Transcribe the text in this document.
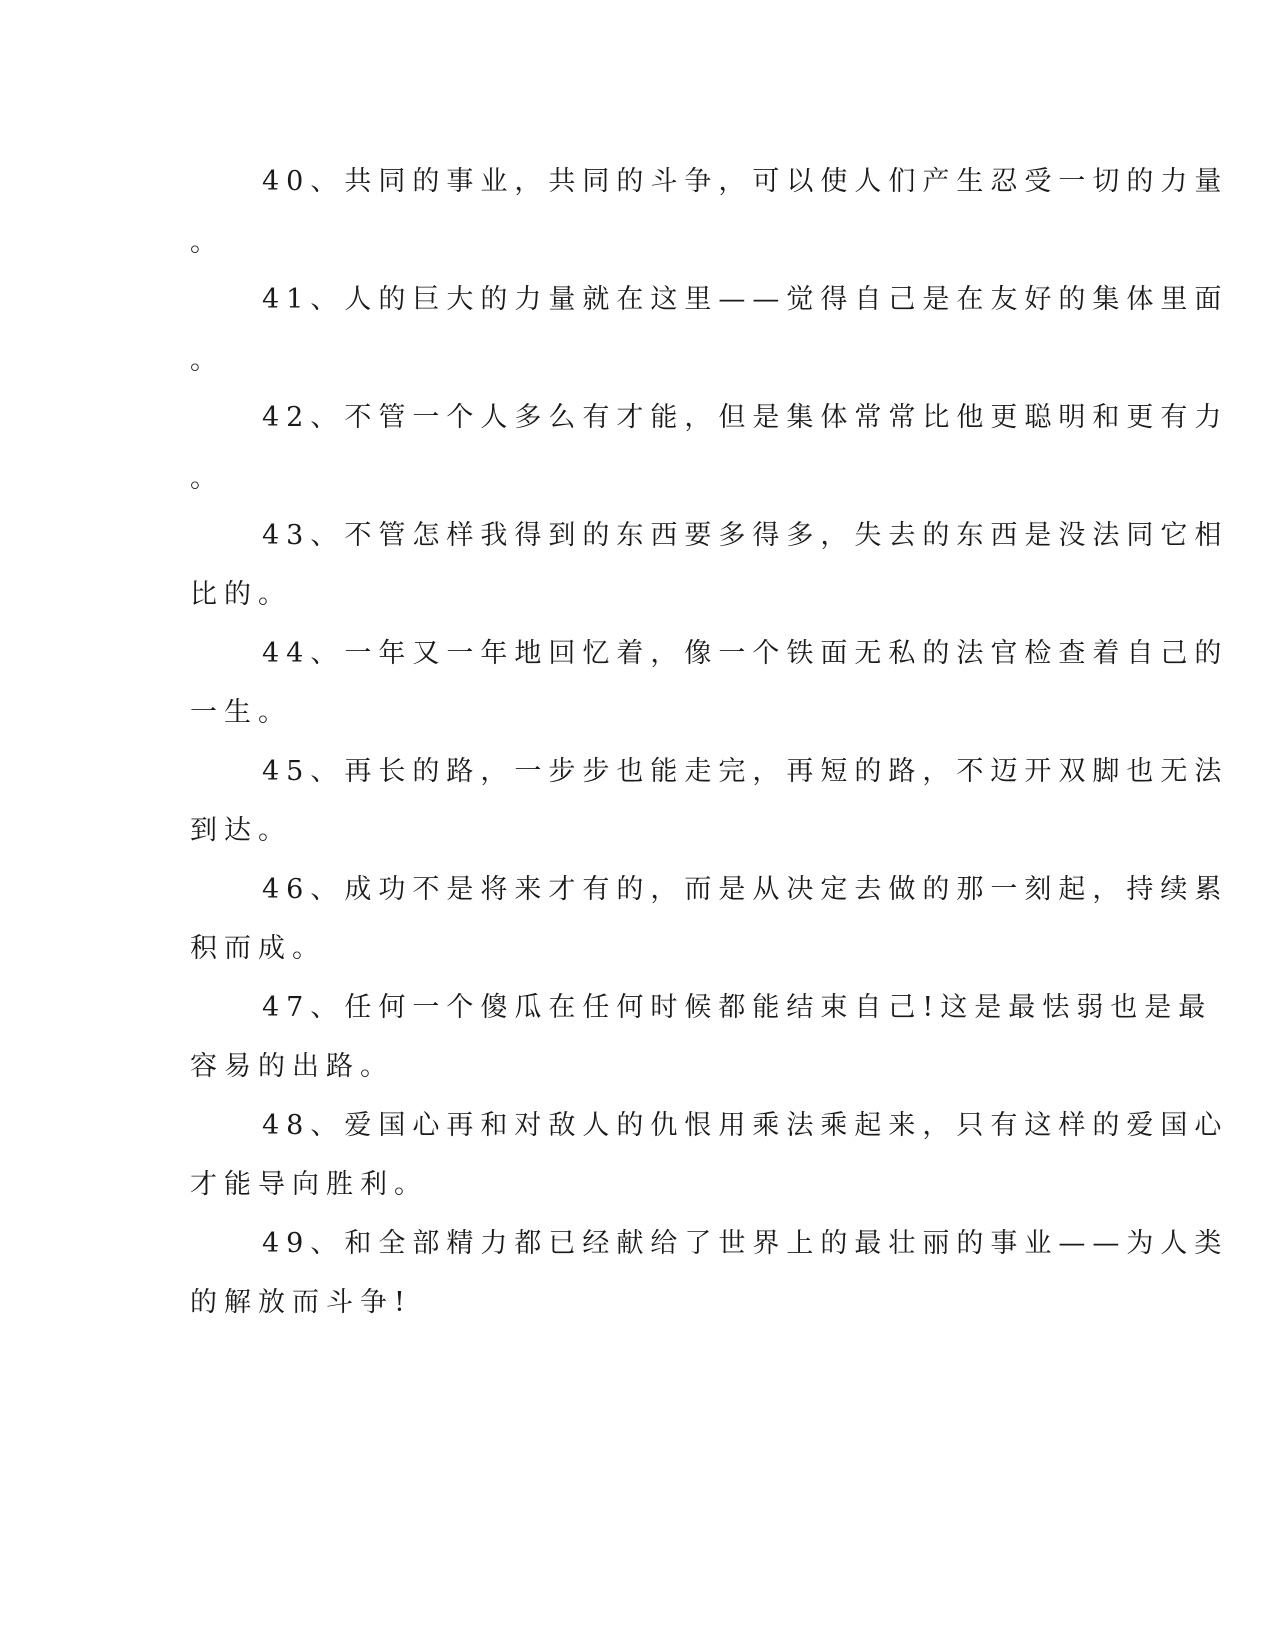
40、共同的事业，共同的斗争，可以使人们产生忍受一切的力量
。
41、人的巨大的力量就在这里——觉得自己是在友好的集体里面
。
42、不管一个人多么有才能，但是集体常常比他更聪明和更有力
。
43、不管怎样我得到的东西要多得多，失去的东西是没法同它相
比的。
44、一年又一年地回忆着，像一个铁面无私的法官检查着自己的
一生。
45、再长的路，一步步也能走完，再短的路，不迈开双脚也无法
到达。
46、成功不是将来才有的，而是从决定去做的那一刻起，持续累
积而成。
47、任何一个傻瓜在任何时候都能结束自己!这是最怯弱也是最
容易的出路。
48、爱国心再和对敌人的仇恨用乘法乘起来，只有这样的爱国心
才能导向胜利。
49、和全部精力都已经献给了世界上的最壮丽的事业——为人类
的解放而斗争!
